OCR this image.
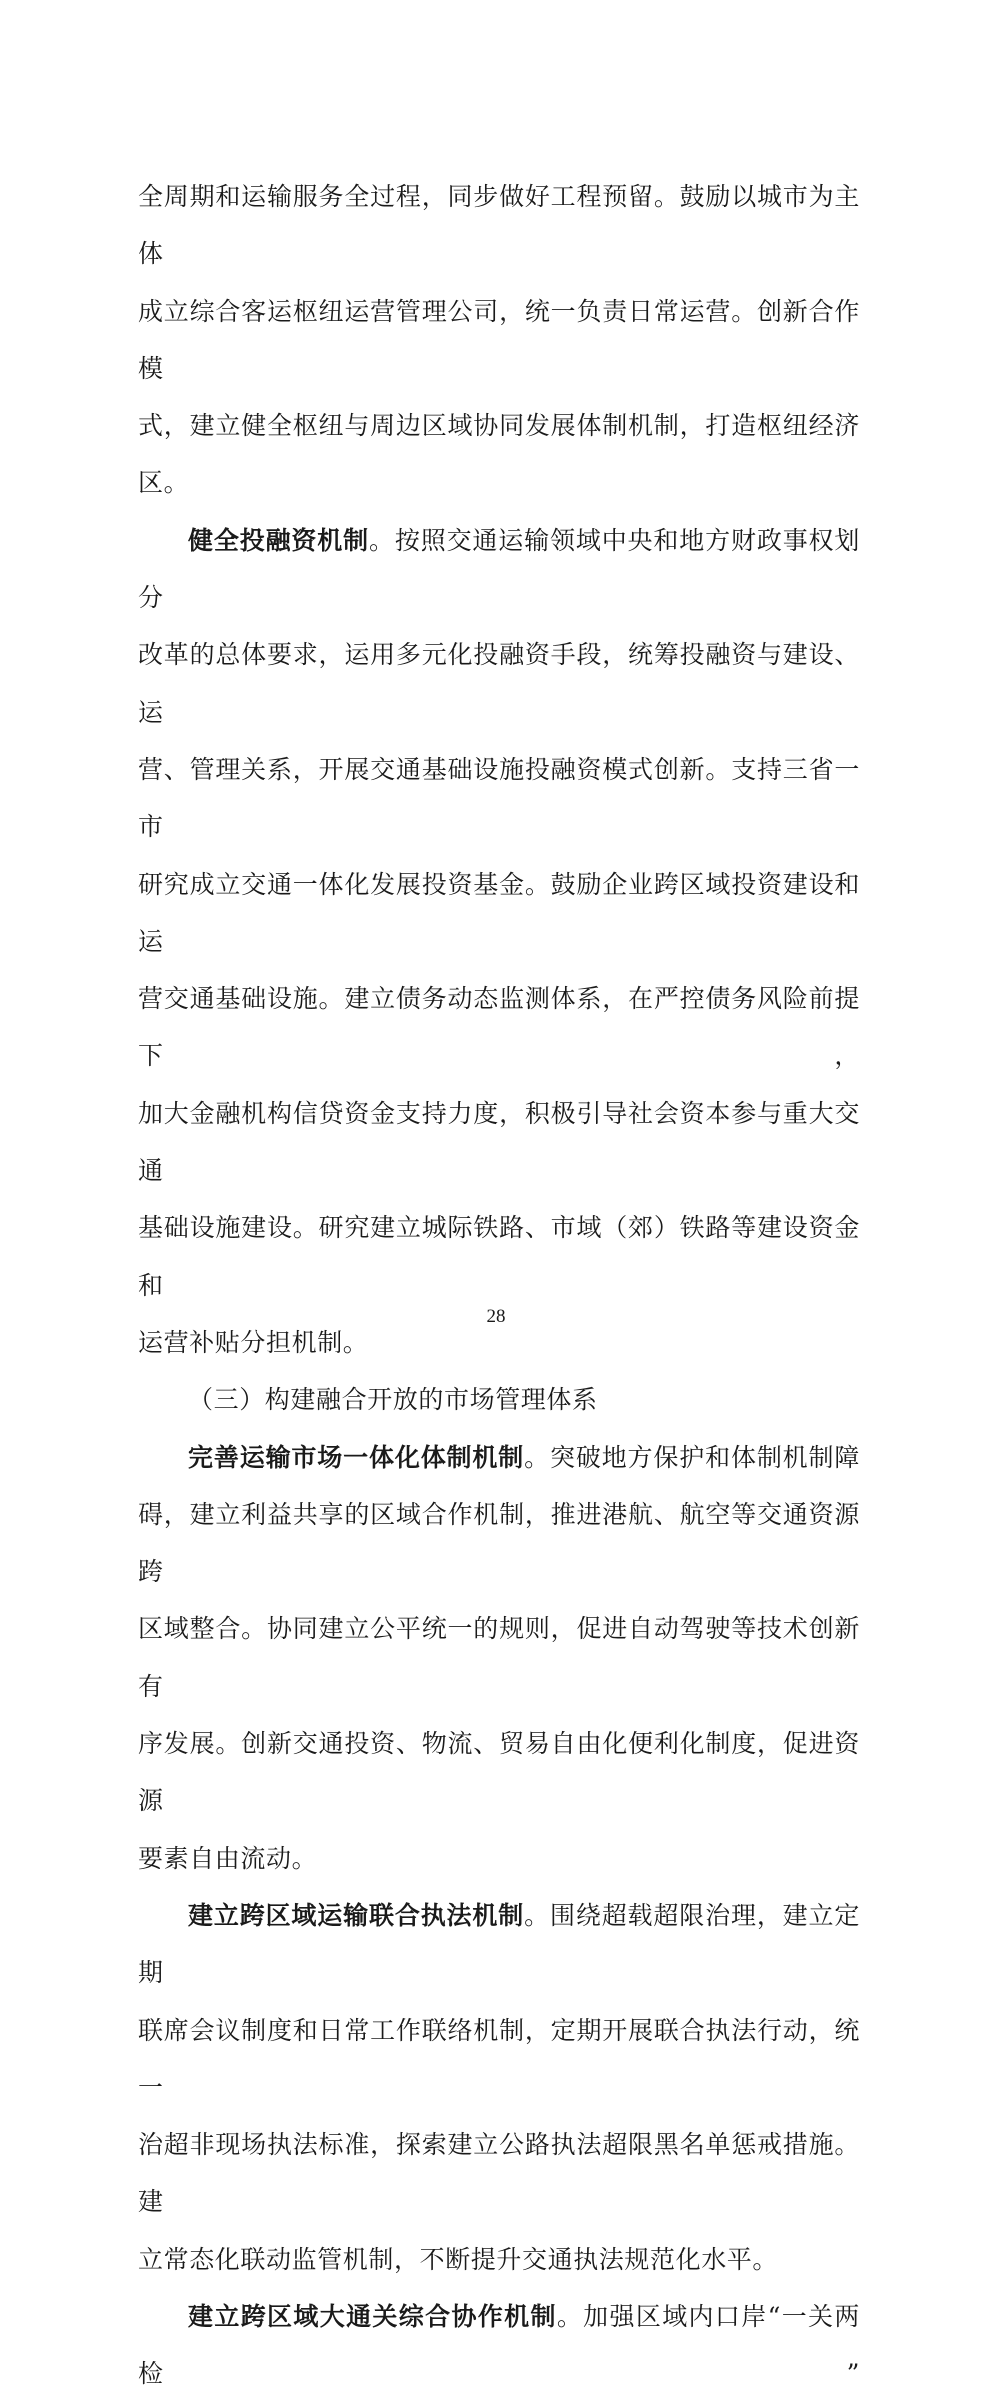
全周期和运输服务全过程，同步做好工程预留。鼓励以城市为主体

成立综合客运枢纽运营管理公司，统一负责日常运营。创新合作模

式，建立健全枢纽与周边区域协同发展体制机制，打造枢纽经济区。

健全投融资机制。按照交通运输领域中央和地方财政事权划分

改革的总体要求，运用多元化投融资手段，统筹投融资与建设、运

营、管理关系，开展交通基础设施投融资模式创新。支持三省一市

研究成立交通一体化发展投资基金。鼓励企业跨区域投资建设和运

营交通基础设施。建立债务动态监测体系，在严控债务风险前提下，

加大金融机构信贷资金支持力度，积极引导社会资本参与重大交通

基础设施建设。研究建立城际铁路、市域（郊）铁路等建设资金和

运营补贴分担机制。

（三）构建融合开放的市场管理体系

完善运输市场一体化体制机制。突破地方保护和体制机制障

碍，建立利益共享的区域合作机制，推进港航、航空等交通资源跨

区域整合。协同建立公平统一的规则，促进自动驾驶等技术创新有

序发展。创新交通投资、物流、贸易自由化便利化制度，促进资源

要素自由流动。

建立跨区域运输联合执法机制。围绕超载超限治理，建立定期

联席会议制度和日常工作联络机制，定期开展联合执法行动，统一

治超非现场执法标准，探索建立公路执法超限黑名单惩戒措施。建

立常态化联动监管机制，不断提升交通执法规范化水平。

建立跨区域大通关综合协作机制。加强区域内口岸“一关两检”

28
